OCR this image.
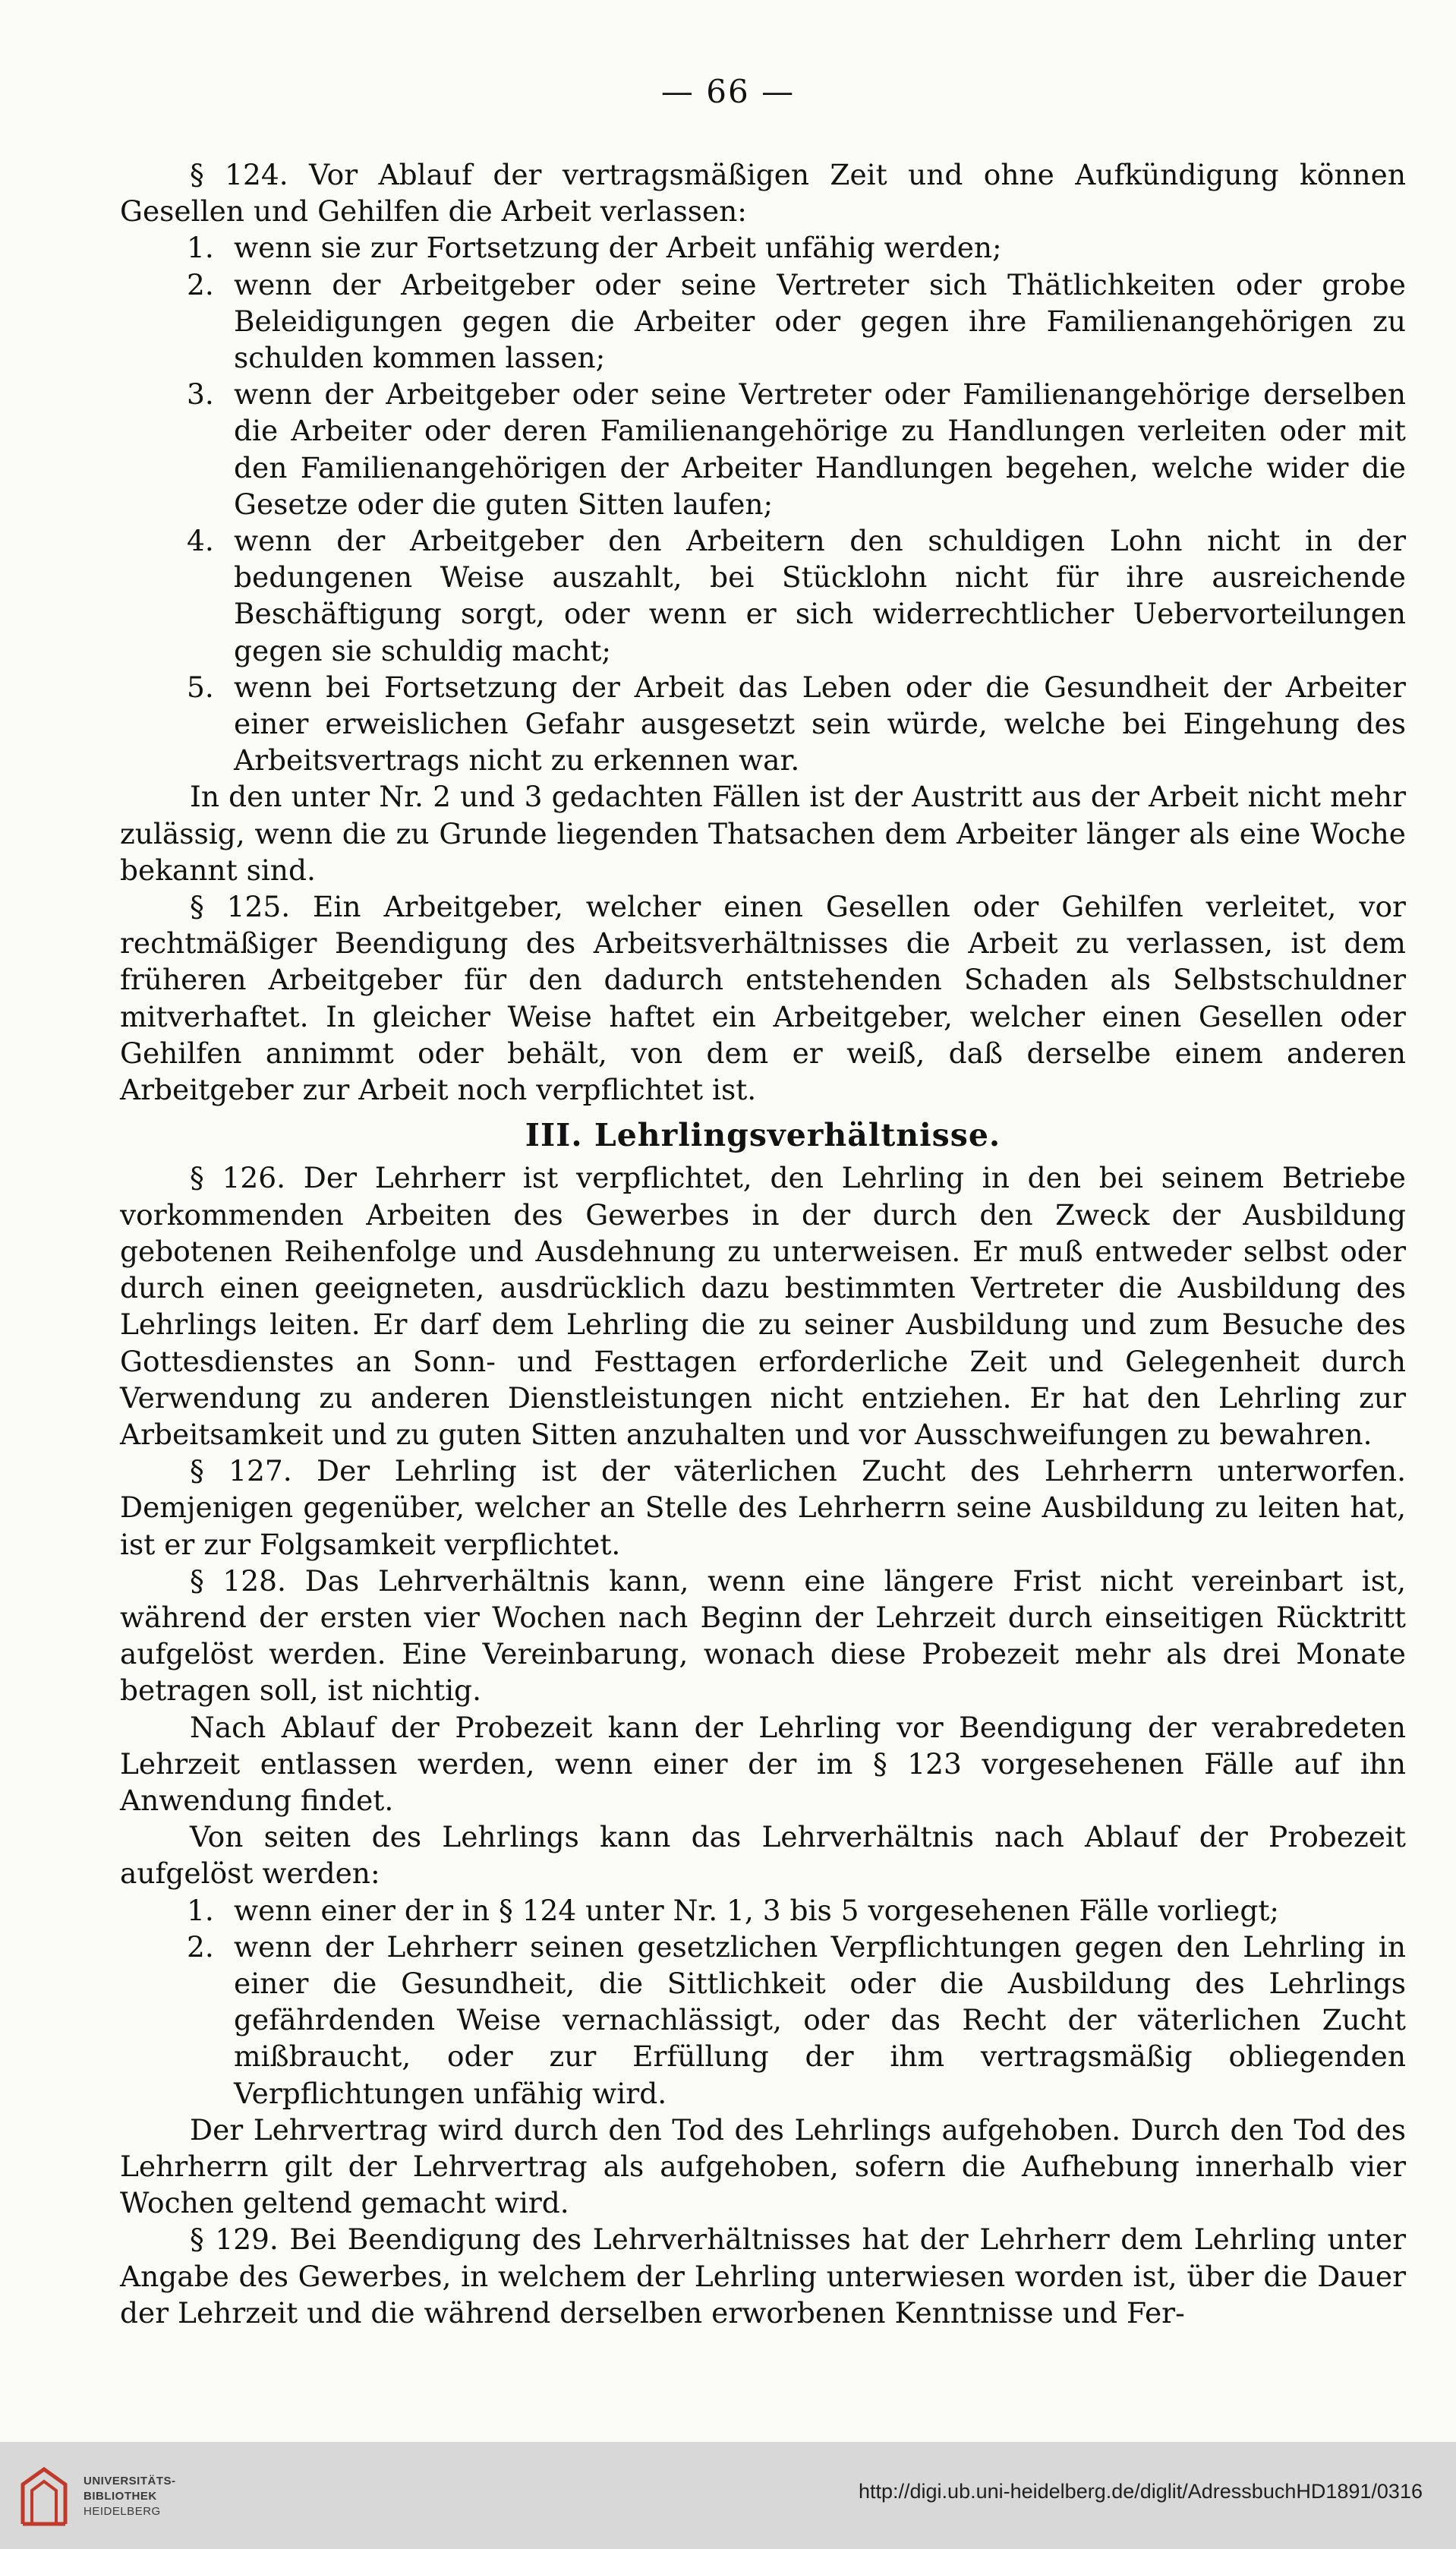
— 66 —

§ 124. Vor Ablauf der vertragsmäßigen Zeit und ohne Aufkündigung können Gesellen und Gehilfen die Arbeit verlassen:

1. wenn sie zur Fortsetzung der Arbeit unfähig werden;
2. wenn der Arbeitgeber oder seine Vertreter sich Thätlichkeiten oder grobe Beleidigungen gegen die Arbeiter oder gegen ihre Familienangehörigen zu schulden kommen lassen;
3. wenn der Arbeitgeber oder seine Vertreter oder Familienangehörige derselben die Arbeiter oder deren Familienangehörige zu Handlungen verleiten oder mit den Familienangehörigen der Arbeiter Handlungen begehen, welche wider die Gesetze oder die guten Sitten laufen;
4. wenn der Arbeitgeber den Arbeitern den schuldigen Lohn nicht in der bedungenen Weise auszahlt, bei Stücklohn nicht für ihre ausreichende Beschäftigung sorgt, oder wenn er sich widerrechtlicher Uebervorteilungen gegen sie schuldig macht;
5. wenn bei Fortsetzung der Arbeit das Leben oder die Gesundheit der Arbeiter einer erweislichen Gefahr ausgesetzt sein würde, welche bei Eingehung des Arbeitsvertrags nicht zu erkennen war.

In den unter Nr. 2 und 3 gedachten Fällen ist der Austritt aus der Arbeit nicht mehr zulässig, wenn die zu Grunde liegenden Thatsachen dem Arbeiter länger als eine Woche bekannt sind.

§ 125. Ein Arbeitgeber, welcher einen Gesellen oder Gehilfen verleitet, vor rechtmäßiger Beendigung des Arbeitsverhältnisses die Arbeit zu verlassen, ist dem früheren Arbeitgeber für den dadurch entstehenden Schaden als Selbstschuldner mitverhaftet. In gleicher Weise haftet ein Arbeitgeber, welcher einen Gesellen oder Gehilfen annimmt oder behält, von dem er weiß, daß derselbe einem anderen Arbeitgeber zur Arbeit noch verpflichtet ist.

III. Lehrlingsverhältnisse.

§ 126. Der Lehrherr ist verpflichtet, den Lehrling in den bei seinem Betriebe vorkommenden Arbeiten des Gewerbes in der durch den Zweck der Ausbildung gebotenen Reihenfolge und Ausdehnung zu unterweisen. Er muß entweder selbst oder durch einen geeigneten, ausdrücklich dazu bestimmten Vertreter die Ausbildung des Lehrlings leiten. Er darf dem Lehrling die zu seiner Ausbildung und zum Besuche des Gottesdienstes an Sonn- und Festtagen erforderliche Zeit und Gelegenheit durch Verwendung zu anderen Dienstleistungen nicht entziehen. Er hat den Lehrling zur Arbeitsamkeit und zu guten Sitten anzuhalten und vor Ausschweifungen zu bewahren.

§ 127. Der Lehrling ist der väterlichen Zucht des Lehrherrn unterworfen. Demjenigen gegenüber, welcher an Stelle des Lehrherrn seine Ausbildung zu leiten hat, ist er zur Folgsamkeit verpflichtet.

§ 128. Das Lehrverhältnis kann, wenn eine längere Frist nicht vereinbart ist, während der ersten vier Wochen nach Beginn der Lehrzeit durch einseitigen Rücktritt aufgelöst werden. Eine Vereinbarung, wonach diese Probezeit mehr als drei Monate betragen soll, ist nichtig.

Nach Ablauf der Probezeit kann der Lehrling vor Beendigung der verabredeten Lehrzeit entlassen werden, wenn einer der im § 123 vorgesehenen Fälle auf ihn Anwendung findet.

Von seiten des Lehrlings kann das Lehrverhältnis nach Ablauf der Probezeit aufgelöst werden:

1. wenn einer der in § 124 unter Nr. 1, 3 bis 5 vorgesehenen Fälle vorliegt;
2. wenn der Lehrherr seinen gesetzlichen Verpflichtungen gegen den Lehrling in einer die Gesundheit, die Sittlichkeit oder die Ausbildung des Lehrlings gefährdenden Weise vernachlässigt, oder das Recht der väterlichen Zucht mißbraucht, oder zur Erfüllung der ihm vertragsmäßig obliegenden Verpflichtungen unfähig wird.

Der Lehrvertrag wird durch den Tod des Lehrlings aufgehoben. Durch den Tod des Lehrherrn gilt der Lehrvertrag als aufgehoben, sofern die Aufhebung innerhalb vier Wochen geltend gemacht wird.

§ 129. Bei Beendigung des Lehrverhältnisses hat der Lehrherr dem Lehrling unter Angabe des Gewerbes, in welchem der Lehrling unterwiesen worden ist, über die Dauer der Lehrzeit und die während derselben erworbenen Kenntnisse und Fer-

UNIVERSITÄTS-
BIBLIOTHEK
HEIDELBERG
http://digi.ub.uni-heidelberg.de/diglit/AdressbuchHD1891/0316
